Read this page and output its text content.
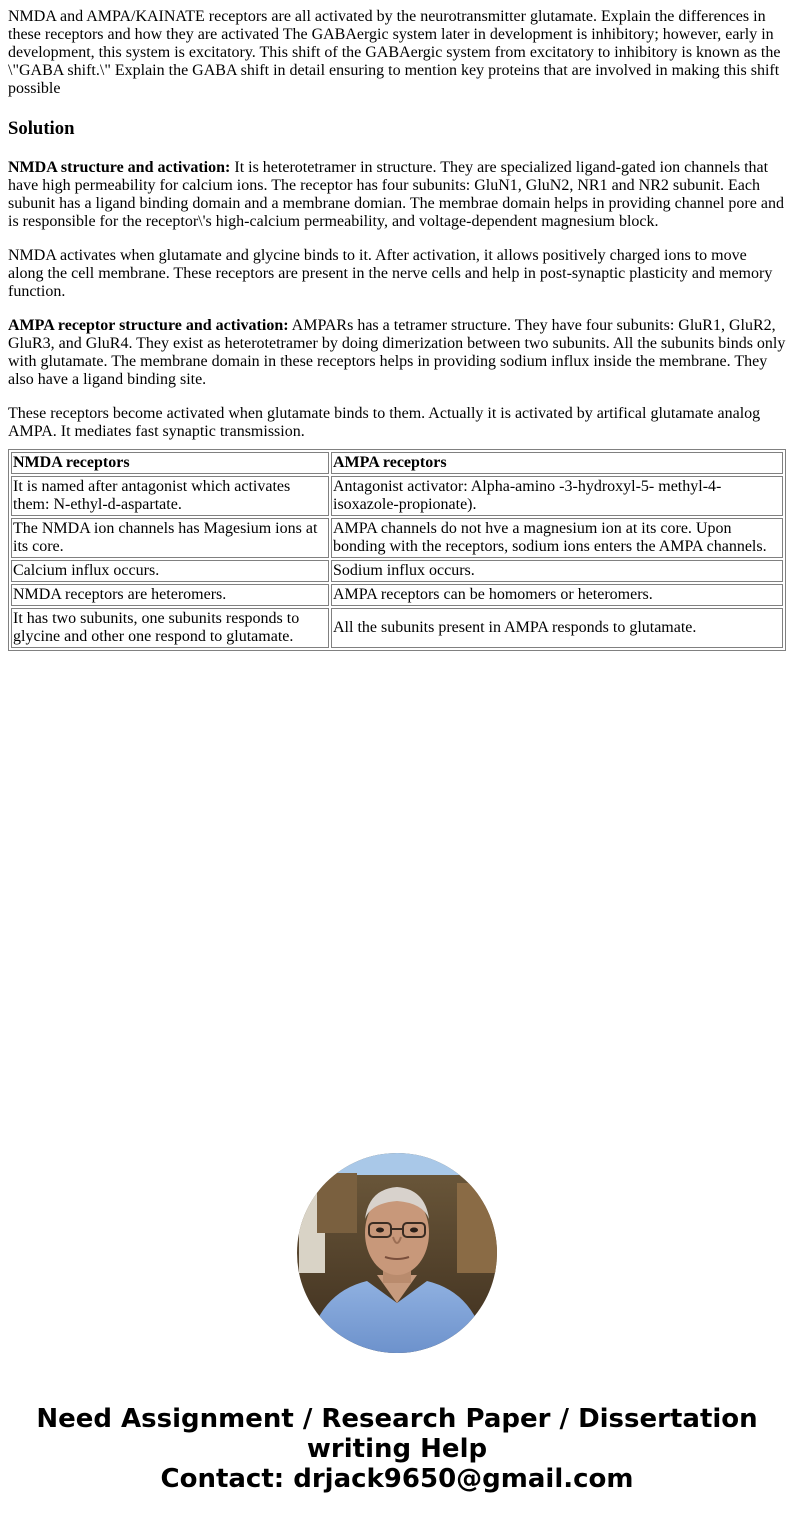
NMDA and AMPA/KAINATE receptors are all activated by the neurotransmitter glutamate. Explain the differences in these receptors and how they are activated The GABAergic system later in development is inhibitory; however, early in development, this system is excitatory. This shift of the GABAergic system from excitatory to inhibitory is known as the \"GABA shift.\" Explain the GABA shift in detail ensuring to mention key proteins that are involved in making this shift possible
Solution

NMDA structure and activation: It is heterotetramer in structure. They are specialized ligand-gated ion channels that have high permeability for calcium ions. The receptor has four subunits: GluN1, GluN2, NR1 and NR2 subunit. Each subunit has a ligand binding domain and a membrane domian. The membrae domain helps in providing channel pore and is responsible for the receptor\'s high-calcium permeability, and voltage-dependent magnesium block.

NMDA activates when glutamate and glycine binds to it. After activation, it allows positively charged ions to move along the cell membrane. These receptors are present in the nerve cells and help in post-synaptic plasticity and memory function.

AMPA receptor structure and activation: AMPARs has a tetramer structure. They have four subunits: GluR1, GluR2, GluR3, and GluR4. They exist as heterotetramer by doing dimerization between two subunits. All the subunits binds only with glutamate. The membrane domain in these receptors helps in providing sodium influx inside the membrane. They also have a ligand binding site.

These receptors become activated when glutamate binds to them. Actually it is activated by artifical glutamate analog AMPA. It mediates fast synaptic transmission.

NMDA receptors	AMPA receptors
It is named after antagonist which activates them: N-ethyl-d-aspartate.	Antagonist activator: Alpha-amino -3-hydroxyl-5- methyl-4-isoxazole-propionate).
The NMDA ion channels has Magesium ions at its core.	AMPA channels do not hve a magnesium ion at its core. Upon bonding with the receptors, sodium ions enters the AMPA channels.
Calcium influx occurs.	Sodium influx occurs.
NMDA receptors are heteromers.	AMPA receptors can be homomers or heteromers.
It has two subunits, one subunits responds to glycine and other one respond to glutamate.	All the subunits present in AMPA responds to glutamate.
Need Assignment / Research Paper / Dissertation
writing Help
Contact: drjack9650@gmail.com
